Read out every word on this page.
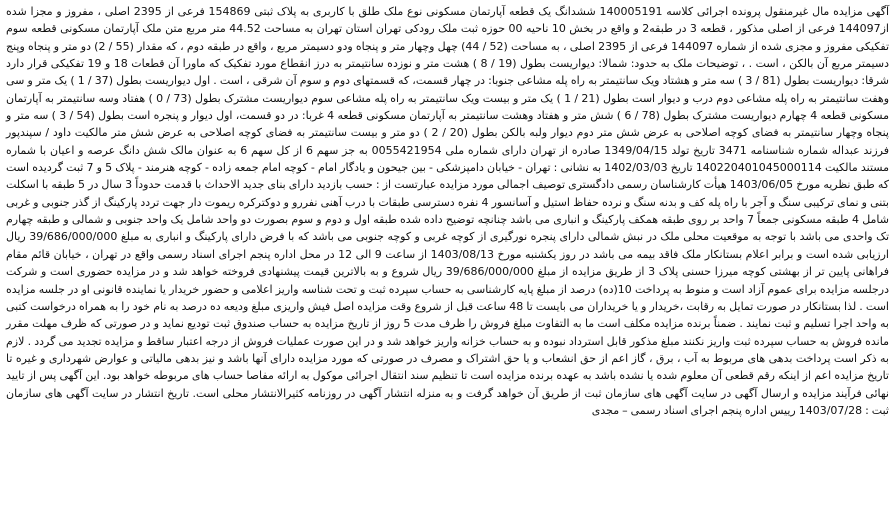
آگهی مزایده مال غیرمنقول پرونده اجرائی کلاسه 140005191 ششدانگ یک قطعه آپارتمان مسکونی نوع ملک طلق با کاربری به پلاک ثبتی 154869 فرعی از 2395 اصلی ، مفروز و مجزا شده از144097 فرعی از اصلی مذکور ، قطعه 3 در طبقه2 و واقع در بخش 10 ناحیه 00 حوزه ثبت ملک رودکی تهران استان تهران به مساحت 44.52 متر مربع متن ملک آپارتمان مسکونی قطعه سوم تفکیکی مفروز و مجزی شده از شماره 144097 فرعی از 2395 اصلی ، به مساحت (52 / 44) چهل وچهار متر و پنجاه ودو دسیمتر مربع ، واقع در طبقه دوم ، که مقدار (55 / 2) دو متر و پنجاه وپنج دسیمتر مربع آن بالکن ، است . ، توضیحات ملک به حدود: شمالا: دیواریست بطول (19 / 8 ) هشت متر و نوزده سانتیمتر به درز انقطاع مورد تفکیک که ماورا آن قطعات 18 و 19 تفکیکی قرار دارد شرقا: دیواریست بطول (81 / 3 ) سه متر و هشتاد ویک سانتیمتر به راه پله مشاعی جنوبا: در چهار قسمت، که قسمتهای دوم و سوم آن شرقی ، است . اول دیواریست بطول (37 / 1 ) یک متر و سی وهفت سانتیمتر به راه پله مشاعی دوم درب و دیوار است بطول (21 / 1 ) یک متر و بیست ویک سانتیمتر به راه پله مشاعی سوم دیواریست مشترک بطول (73 / 0 ) هفتاد وسه سانتیمتر به آپارتمان مسکونی قطعه 4 چهارم دیواریست مشترک بطول (78 / 6 ) شش متر و هفتاد وهشت سانتیمتر به آپارتمان مسکونی قطعه 4 غربا: در دو قسمت، اول دیوار و پنجره است بطول (54 / 3 ) سه متر و پنجاه وچهار سانتیمتر به فضای کوچه اصلاحی به عرض شش متر دوم دیوار ولبه بالکن بطول (20 / 2 ) دو متر و بیست سانتیمتر به فضای کوچه اصلاحی به عرض شش متر مالکیت داود / سپندپور فرزند عبداله شماره شناسنامه 3471 تاریخ تولد 1349/04/15 صادره از تهران دارای شماره ملی 0055421954 به جز سهم 6 از کل سهم 6 به عنوان مالک شش دانگ عرصه و اعیان با شماره مستند مالکیت 140220401045000114 تاریخ 1402/03/03 به نشانی : تهران - خیابان دامپزشکی - بین جیحون و یادگار امام - کوچه امام جمعه زاده - کوچه هنرمند - پلاک 5 و 7 ثبت گردیده است که طبق نظریه مورخ 1403/06/05 هیأت کارشناسان رسمی دادگستری توصیف اجمالی مورد مزایده عبارتست از : حسب بازدید دارای بنای جدید الاحداث با قدمت حدوداً 3 سال در 5 طبقه با اسکلت بتنی و نمای ترکیبی سنگ و آجر با راه پله کف و بدنه سنگ و نرده حفاظ استیل و آسانسور 4 نفره دسترسی طبقات با درب آهنی نفررو و دوکترکره ریموت دار جهت تردد پارکینگ از گذر جنوبی و غربی شامل 4 طبقه مسکونی جمعاً 7 واحد بر روی طبقه همکف پارکینگ و انباری می باشد چنانچه توضیح داده شده طبقه اول و دوم و سوم بصورت دو واحد شامل یک واحد جنوبی و شمالی و طبقه چهارم تک واحدی می باشد با توجه به موقعیت محلی ملک در نبش شمالی دارای پنجره نورگیری از کوچه غربی و کوچه جنوبی می باشد که با فرض دارای پارکینگ و انباری به مبلغ 39/686/000/000 ریال ارزیابی شده است و برابر اعلام بستانکار ملک فاقد بیمه می باشد در روز یکشنبه مورخ 1403/08/13 از ساعت 9 الی 12 در محل اداره پنجم اجرای اسناد رسمی واقع در تهران ، خیابان قائم مقام فراهانی پایین تر از بهشتی کوچه میرزا حسنی پلاک 3 از طریق مزایده از مبلغ 39/686/000/000 ریال شروع و به بالاترین قیمت پیشنهادی فروخته خواهد شد و در مزایده حضوری است و شرکت درجلسه مزایده برای عموم آزاد است و منوط به پرداخت 10(ده) درصد از مبلغ پایه کارشناسی به حساب سپرده ثبت و تحت شناسه واریز اعلامی و حضور خریدار یا نماینده قانونی او در جلسه مزایده است . لذا بستانکار در صورت تمایل به رقابت ،خریدار و یا خریداران می بایست تا 48 ساعت قبل از شروع وقت مزایده اصل فیش واریزی مبلغ ودیعه ده درصد به نام خود را به همراه درخواست کتبی به واحد اجرا تسلیم و ثبت نمایند . ضمناً برنده مزایده مکلف است ما به التفاوت مبلغ فروش را ظرف مدت 5 روز از تاریخ مزایده به حساب صندوق ثبت تودیع نماید و در صورتی که ظرف مهلت مقرر مانده فروش به حساب سپرده ثبت واریز نکنند مبلغ مذکور قابل استرداد نبوده و به حساب خزانه واریز خواهد شد و در این صورت عملیات فروش از درجه اعتبار ساقط و مزایده تجدید می گردد . لازم به ذکر است پرداخت بدهی های مربوط به آب ، برق ، گاز اعم از حق انشعاب و یا حق اشتراک و مصرف در صورتی که مورد مزایده دارای آنها باشد و نیز بدهی مالیاتی و عوارض شهرداری و غیره تا تاریخ مزایده اعم از اینکه رقم قطعی آن معلوم شده یا نشده باشد به عهده برنده مزایده است تا تنظیم سند انتقال اجرائی موکول به ارائه مفاصا حساب های مربوطه خواهد بود. این آگهی پس از تایید نهائی فرآیند مزایده و ارسال آگهی در سایت آگهی های سازمان ثبت از طریق آن خواهد گرفت و به منزله انتشار آگهی در روزنامه کثیرالانتشار محلی است. تاریخ انتشار در سایت آگهی های سازمان ثبت : 1403/07/28 رییس اداره پنجم اجرای اسناد رسمی – مجدی
